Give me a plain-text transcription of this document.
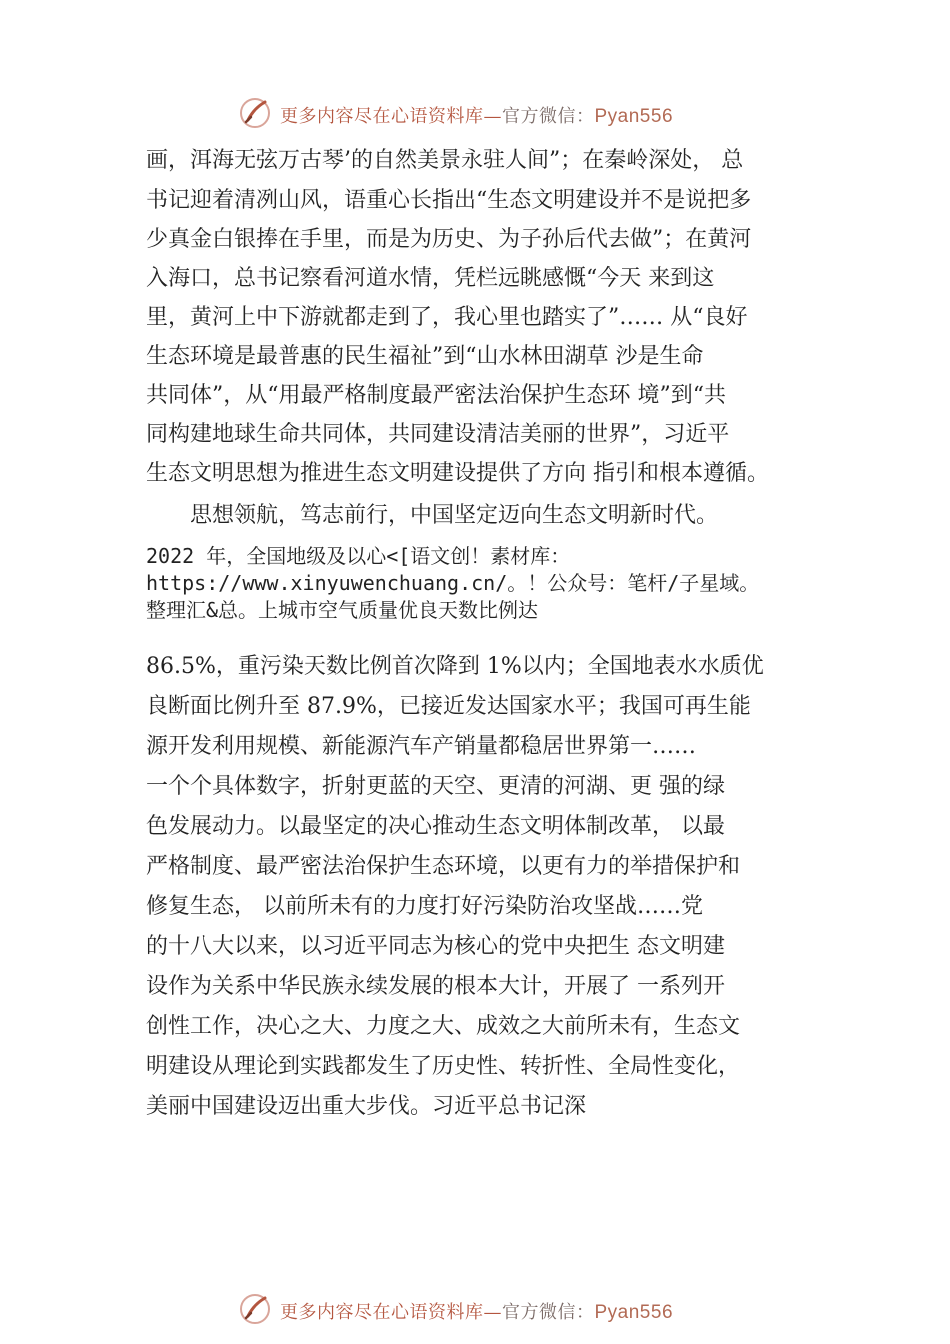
更多内容尽在心语资料库—官方微信：Pyan556
画，洱海无弦万古琴’的自然美景永驻人间”；在秦岭深处， 总
书记迎着清冽山风，语重心长指出“生态文明建设并不是说把多
少真金白银捧在手里，而是为历史、为子孙后代去做”；在黄河
入海口，总书记察看河道水情，凭栏远眺感慨“今天 来到这
里，黄河上中下游就都走到了，我心里也踏实了”…… 从“良好
生态环境是最普惠的民生福祉”到“山水林田湖草 沙是生命
共同体”，从“用最严格制度最严密法治保护生态环 境”到“共
同构建地球生命共同体，共同建设清洁美丽的世界”，习近平
生态文明思想为推进生态文明建设提供了方向 指引和根本遵循。
　　思想领航，笃志前行，中国坚定迈向生态文明新时代。
2022 年，全国地级及以心<[语文创！素材库：
https://www.xinyuwenchuang.cn/。！公众号：笔杆/子星域。
整理汇&总。上城市空气质量优良天数比例达
86.5%，重污染天数比例首次降到 1%以内；全国地表水水质优
良断面比例升至 87.9%，已接近发达国家水平；我国可再生能
源开发利用规模、新能源汽车产销量都稳居世界第一……
一个个具体数字，折射更蓝的天空、更清的河湖、更 强的绿
色发展动力。以最坚定的决心推动生态文明体制改革， 以最
严格制度、最严密法治保护生态环境，以更有力的举措保护和
修复生态， 以前所未有的力度打好污染防治攻坚战……党
的十八大以来，以习近平同志为核心的党中央把生 态文明建
设作为关系中华民族永续发展的根本大计，开展了 一系列开
创性工作，决心之大、力度之大、成效之大前所未有，生态文
明建设从理论到实践都发生了历史性、转折性、全局性变化，
美丽中国建设迈出重大步伐。习近平总书记深
更多内容尽在心语资料库—官方微信：Pyan556
